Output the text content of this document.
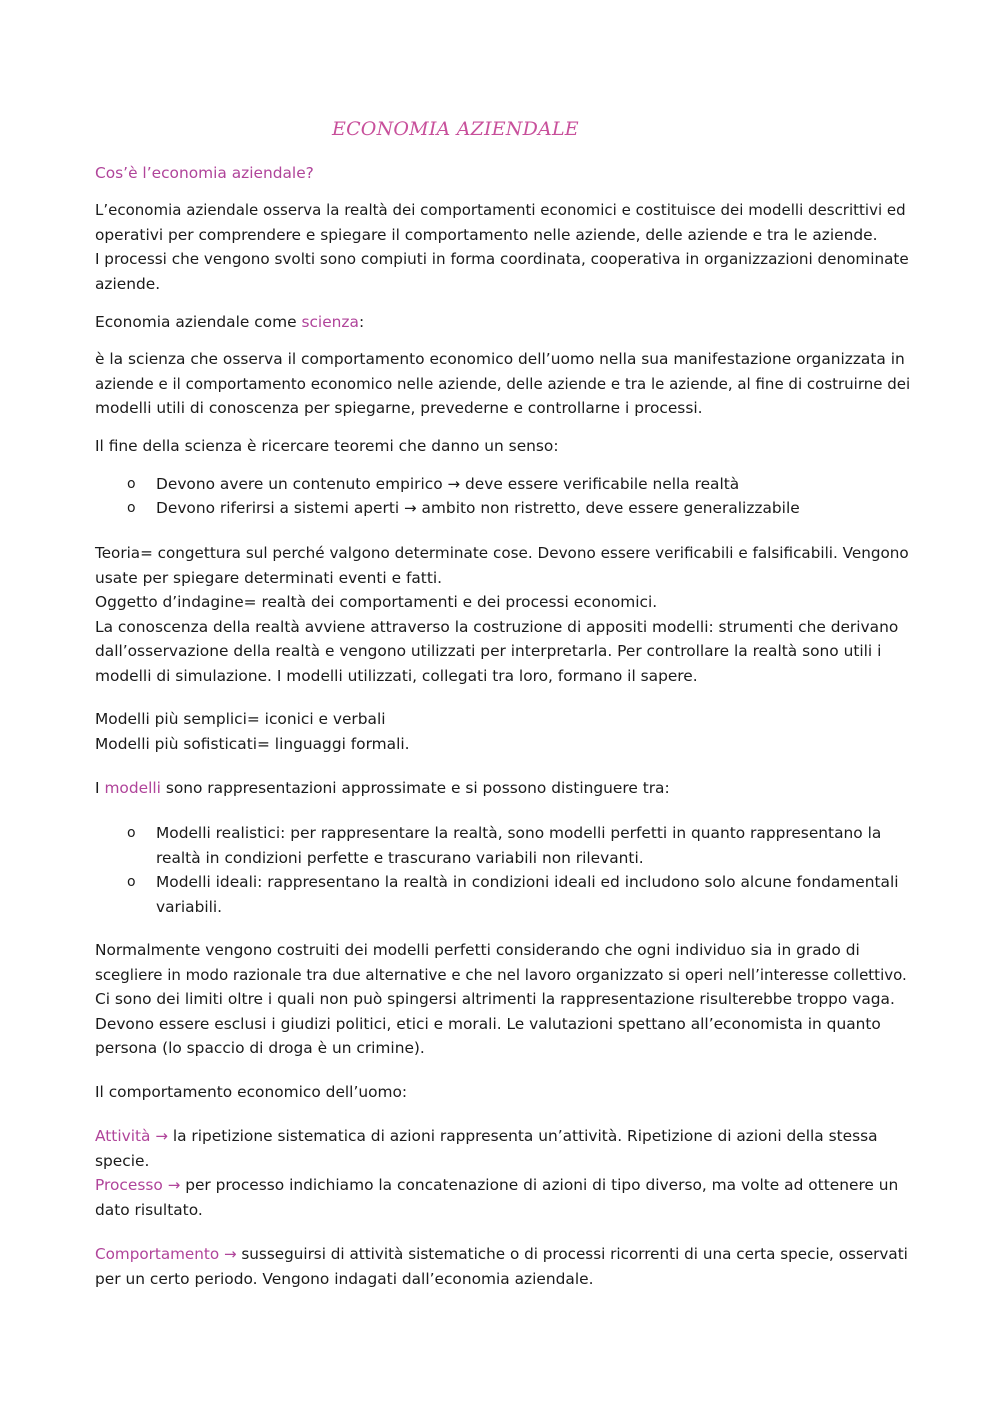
ECONOMIA AZIENDALE
Cos’è l’economia aziendale?
L’economia aziendale osserva la realtà dei comportamenti economici e costituisce dei modelli descrittivi ed
operativi per comprendere e spiegare il comportamento nelle aziende, delle aziende e tra le aziende.
I processi che vengono svolti sono compiuti in forma coordinata, cooperativa in organizzazioni denominate
aziende.
Economia aziendale come scienza:
è la scienza che osserva il comportamento economico dell’uomo nella sua manifestazione organizzata in
aziende e il comportamento economico nelle aziende, delle aziende e tra le aziende, al fine di costruirne dei
modelli utili di conoscenza per spiegarne, prevederne e controllarne i processi.
Il fine della scienza è ricercare teoremi che danno un senso:
o Devono avere un contenuto empirico → deve essere verificabile nella realtà
o Devono riferirsi a sistemi aperti → ambito non ristretto, deve essere generalizzabile
Teoria= congettura sul perché valgono determinate cose. Devono essere verificabili e falsificabili. Vengono
usate per spiegare determinati eventi e fatti.
Oggetto d’indagine= realtà dei comportamenti e dei processi economici.
La conoscenza della realtà avviene attraverso la costruzione di appositi modelli: strumenti che derivano
dall’osservazione della realtà e vengono utilizzati per interpretarla. Per controllare la realtà sono utili i
modelli di simulazione. I modelli utilizzati, collegati tra loro, formano il sapere.
Modelli più semplici= iconici e verbali
Modelli più sofisticati= linguaggi formali.
I modelli sono rappresentazioni approssimate e si possono distinguere tra:
o Modelli realistici: per rappresentare la realtà, sono modelli perfetti in quanto rappresentano la
realtà in condizioni perfette e trascurano variabili non rilevanti.
o Modelli ideali: rappresentano la realtà in condizioni ideali ed includono solo alcune fondamentali
variabili.
Normalmente vengono costruiti dei modelli perfetti considerando che ogni individuo sia in grado di
scegliere in modo razionale tra due alternative e che nel lavoro organizzato si operi nell’interesse collettivo.
Ci sono dei limiti oltre i quali non può spingersi altrimenti la rappresentazione risulterebbe troppo vaga.
Devono essere esclusi i giudizi politici, etici e morali. Le valutazioni spettano all’economista in quanto
persona (lo spaccio di droga è un crimine).
Il comportamento economico dell’uomo:
Attività → la ripetizione sistematica di azioni rappresenta un’attività. Ripetizione di azioni della stessa
specie.
Processo → per processo indichiamo la concatenazione di azioni di tipo diverso, ma volte ad ottenere un
dato risultato.
Comportamento → susseguirsi di attività sistematiche o di processi ricorrenti di una certa specie, osservati
per un certo periodo. Vengono indagati dall’economia aziendale.
